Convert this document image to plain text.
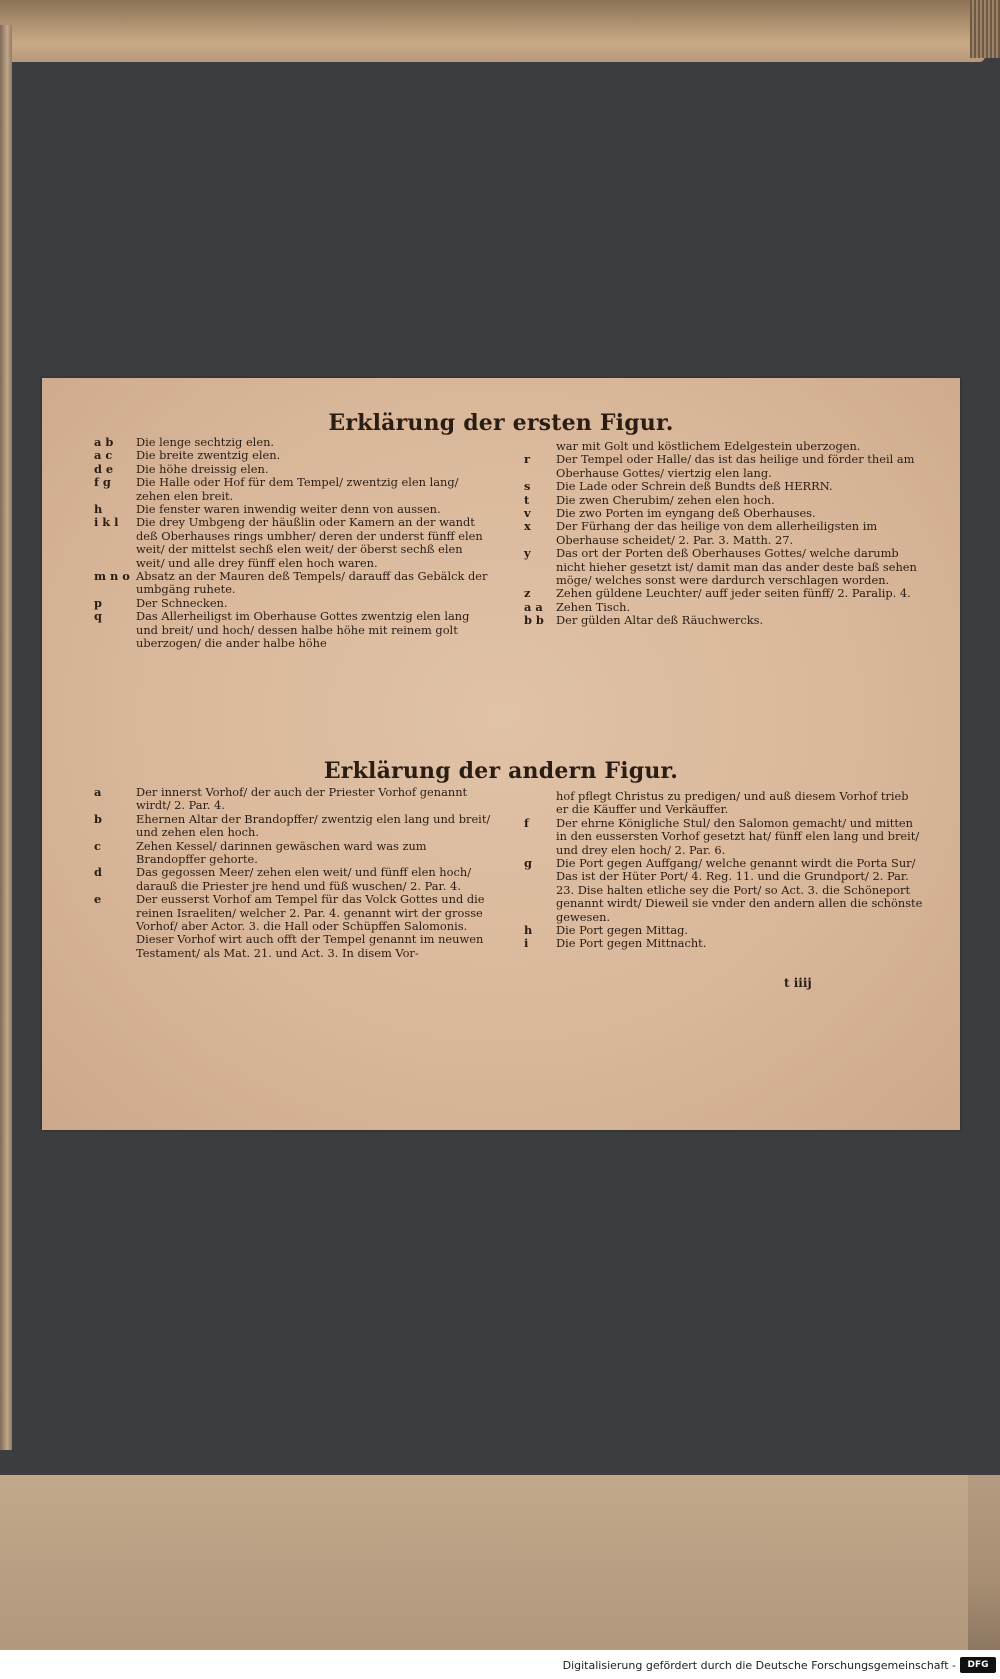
Erklärung der ersten Figur.
a b	Die lenge sechtzig elen.
a c	Die breite zwentzig elen.
d e	Die höhe dreissig elen.
f g	Die Halle oder Hof für dem Tempel/ zwentzig elen lang/ zehen elen breit.
h	Die fenster waren inwendig weiter denn von aussen.
i k l	Die drey Umbgeng der häußlin oder Kamern an der wandt deß Oberhauses rings umbher/ deren der underst fünff elen weit/ der mittelst sechß elen weit/ der öberst sechß elen weit/ und alle drey fünff elen hoch waren.
m n o Absatz an der Mauren deß Tempels/ darauff das Gebälck der umbgäng ruhete.
p	Der Schnecken.
q	Das Allerheiligst im Oberhause Gottes zwentzig elen lang und breit/ und hoch/ dessen halbe höhe mit reinem golt uberzogen/ die ander halbe höhe
war mit Golt und köstlichem Edelgestein uberzogen.
r	Der Tempel oder Halle/ das ist das heilige und förder theil am Oberhause Gottes/ viertzig elen lang.
s	Die Lade oder Schrein deß Bundts deß HERRN.
t	Die zwen Cherubim/ zehen elen hoch.
v	Die zwo Porten im eyngang deß Oberhauses.
x	Der Fürhang der das heilige von dem allerheiligsten im Oberhause scheidet/ 2. Par. 3. Matth. 27.
y	Das ort der Porten deß Oberhauses Gottes/ welche darumb nicht hieher gesetzt ist/ damit man das ander deste baß sehen möge/ welches sonst were dardurch verschlagen worden.
z	Zehen güldene Leuchter/ auff jeder seiten fünff/ 2. Paralip. 4.
a a	Zehen Tisch.
b b	Der gülden Altar deß Räuchwercks.
Erklärung der andern Figur.
a	Der innerst Vorhof/ der auch der Priester Vorhof genannt wirdt/ 2. Par. 4.
b	Ehernen Altar der Brandopffer/ zwentzig elen lang und breit/ und zehen elen hoch.
c	Zehen Kessel/ darinnen gewäschen ward was zum Brandopffer gehorte.
d	Das gegossen Meer/ zehen elen weit/ und fünff elen hoch/ darauß die Priester jre hend und füß wuschen/ 2. Par. 4.
e	Der eusserst Vorhof am Tempel für das Volck Gottes und die reinen Israeliten/ welcher 2. Par. 4. genannt wirt der grosse Vorhof/ aber Actor. 3. die Hall oder Schüpffen Salomonis. Dieser Vorhof wirt auch offt der Tempel genannt im neuwen Testament/ als Mat. 21. und Act. 3. In disem Vor-
hof pflegt Christus zu predigen/ und auß diesem Vorhof trieb er die Käuffer und Verkäuffer.
f	Der ehrne Königliche Stul/ den Salomon gemacht/ und mitten in den eussersten Vorhof gesetzt hat/ fünff elen lang und breit/ und drey elen hoch/ 2. Par. 6.
g	Die Port gegen Auffgang/ welche genannt wirdt die Porta Sur/ Das ist der Hüter Port/ 4. Reg. 11. und die Grundport/ 2. Par. 23. Dise halten etliche sey die Port/ so Act. 3. die Schöneport genannt wirdt/ Dieweil sie vnder den andern allen die schönste gewesen.
h	Die Port gegen Mittag.
i	Die Port gegen Mittnacht.
t iiij
Digitalisierung gefördert durch die Deutsche Forschungsgemeinschaft -	DFG
